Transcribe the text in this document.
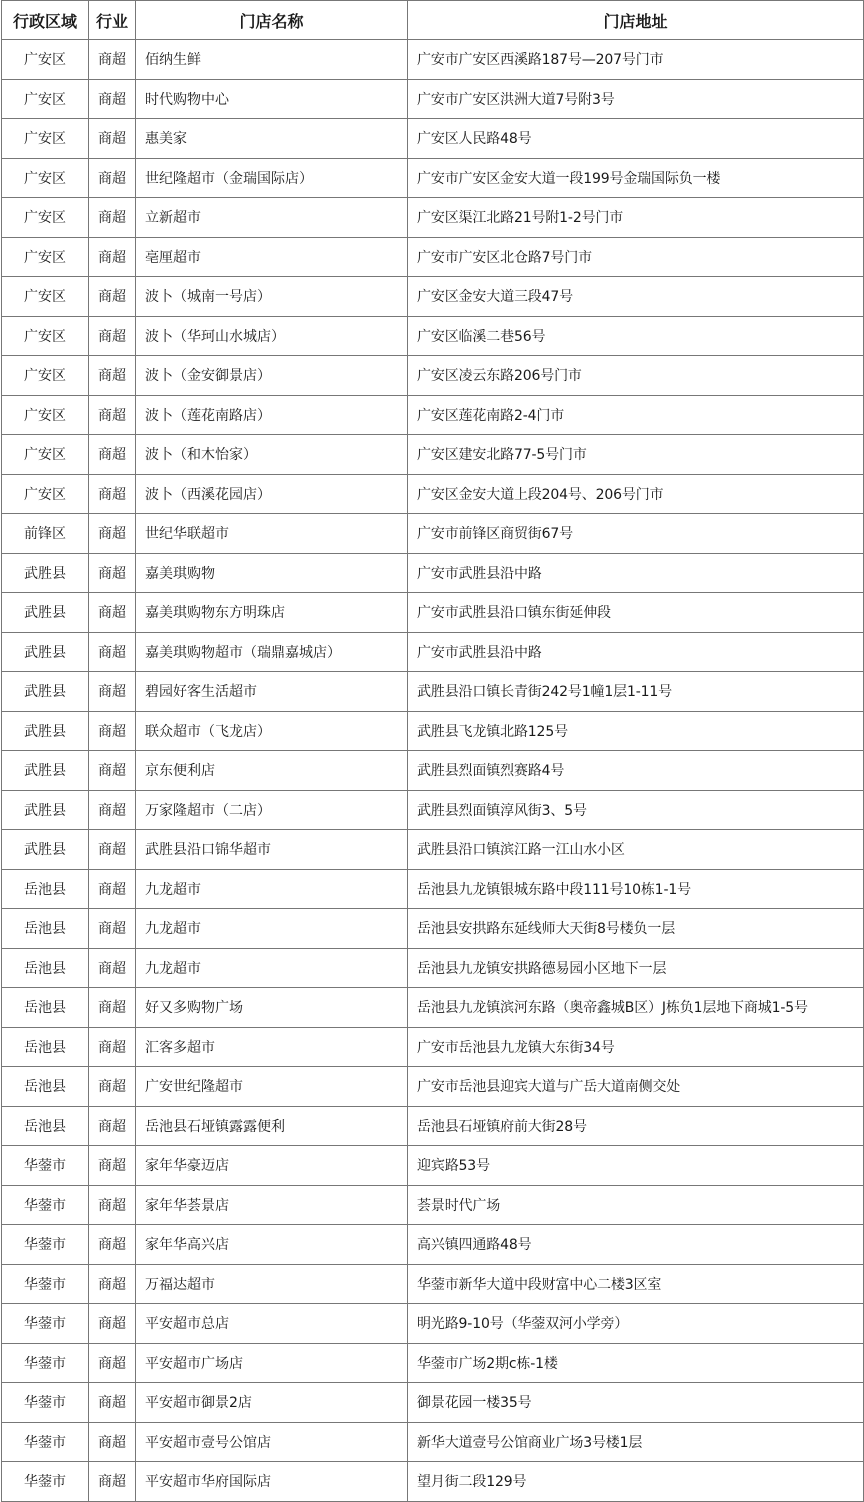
行政区域	行业	门店名称	门店地址
广安区	商超	佰纳生鲜	广安市广安区西溪路187号—207号门市
广安区	商超	时代购物中心	广安市广安区洪洲大道7号附3号
广安区	商超	惠美家	广安区人民路48号
广安区	商超	世纪隆超市（金瑞国际店）	广安市广安区金安大道一段199号金瑞国际负一楼
广安区	商超	立新超市	广安区渠江北路21号附1-2号门市
广安区	商超	亳厘超市	广安市广安区北仓路7号门市
广安区	商超	波卜（城南一号店）	广安区金安大道三段47号
广安区	商超	波卜（华珂山水城店）	广安区临溪二巷56号
广安区	商超	波卜（金安御景店）	广安区凌云东路206号门市
广安区	商超	波卜（莲花南路店）	广安区莲花南路2-4门市
广安区	商超	波卜（和木怡家）	广安区建安北路77-5号门市
广安区	商超	波卜（西溪花园店）	广安区金安大道上段204号、206号门市
前锋区	商超	世纪华联超市	广安市前锋区商贸街67号
武胜县	商超	嘉美琪购物	广安市武胜县沿中路
武胜县	商超	嘉美琪购物东方明珠店	广安市武胜县沿口镇东街延伸段
武胜县	商超	嘉美琪购物超市（瑞鼎嘉城店）	广安市武胜县沿中路
武胜县	商超	碧园好客生活超市	武胜县沿口镇长青街242号1幢1层1-11号
武胜县	商超	联众超市（飞龙店）	武胜县飞龙镇北路125号
武胜县	商超	京东便利店	武胜县烈面镇烈赛路4号
武胜县	商超	万家隆超市（二店）	武胜县烈面镇淳风街3、5号
武胜县	商超	武胜县沿口锦华超市	武胜县沿口镇滨江路一江山水小区
岳池县	商超	九龙超市	岳池县九龙镇银城东路中段111号10栋1-1号
岳池县	商超	九龙超市	岳池县安拱路东延线师大天街8号楼负一层
岳池县	商超	九龙超市	岳池县九龙镇安拱路德易园小区地下一层
岳池县	商超	好又多购物广场	岳池县九龙镇滨河东路（奥帝鑫城B区）J栋负1层地下商城1-5号
岳池县	商超	汇客多超市	广安市岳池县九龙镇大东街34号
岳池县	商超	广安世纪隆超市	广安市岳池县迎宾大道与广岳大道南侧交处
岳池县	商超	岳池县石垭镇露露便利	岳池县石垭镇府前大街28号
华蓥市	商超	家年华豪迈店	迎宾路53号
华蓥市	商超	家年华荟景店	荟景时代广场
华蓥市	商超	家年华高兴店	高兴镇四通路48号
华蓥市	商超	万福达超市	华蓥市新华大道中段财富中心二楼3区室
华蓥市	商超	平安超市总店	明光路9-10号（华蓥双河小学旁）
华蓥市	商超	平安超市广场店	华蓥市广场2期c栋-1楼
华蓥市	商超	平安超市御景2店	御景花园一楼35号
华蓥市	商超	平安超市壹号公馆店	新华大道壹号公馆商业广场3号楼1层
华蓥市	商超	平安超市华府国际店	望月街二段129号
